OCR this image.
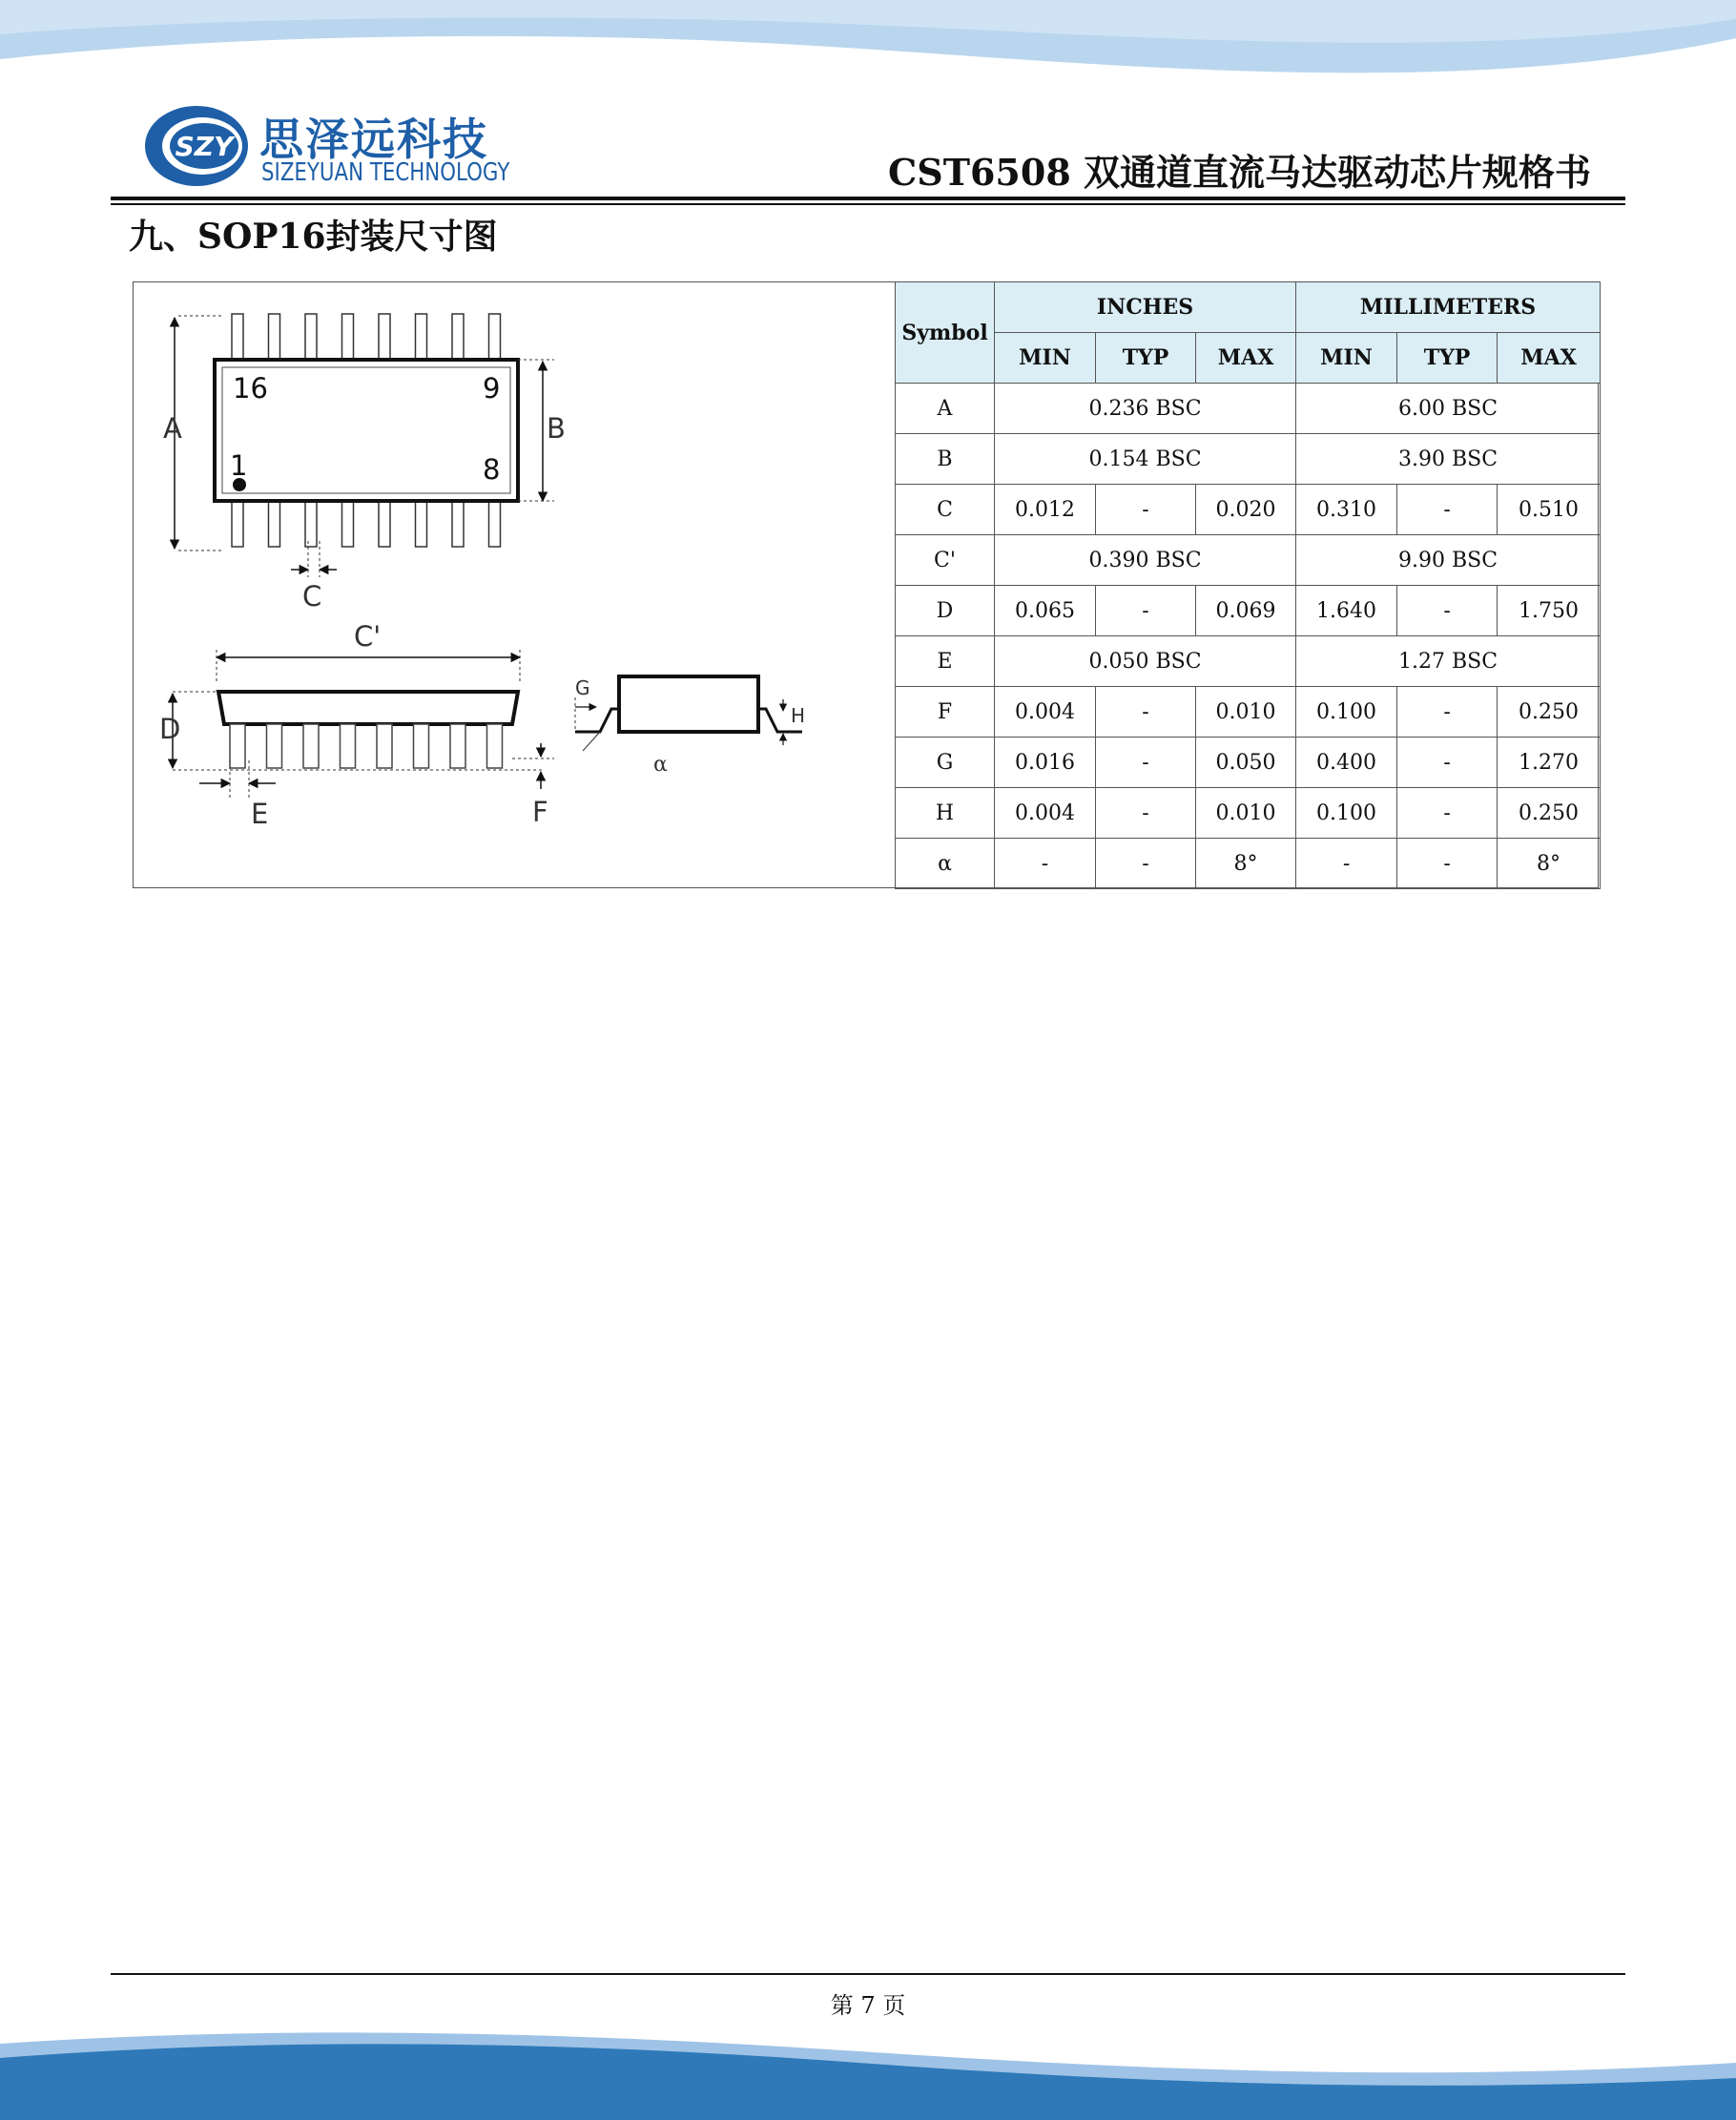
SZY 思泽远科技
SIZEYUAN TECHNOLOGY	CST6508 双通道直流马达驱动芯片规格书
九、SOP16封装尺寸图
16	9
1	8
A	B
C
C'
D
E	F
G
H
α
Symbol	INCHES			MILLIMETERS		
	MIN	TYP	MAX	MIN	TYP	MAX
A	0.236 BSC			6.00 BSC		
B	0.154 BSC			3.90 BSC		
C	0.012	-	0.020	0.310	-	0.510
C'	0.390 BSC			9.90 BSC		
D	0.065	-	0.069	1.640	-	1.750
E	0.050 BSC			1.27 BSC		
F	0.004	-	0.010	0.100	-	0.250
G	0.016	-	0.050	0.400	-	1.270
H	0.004	-	0.010	0.100	-	0.250
α	-	-	8°	-	-	8°
第 7 页
